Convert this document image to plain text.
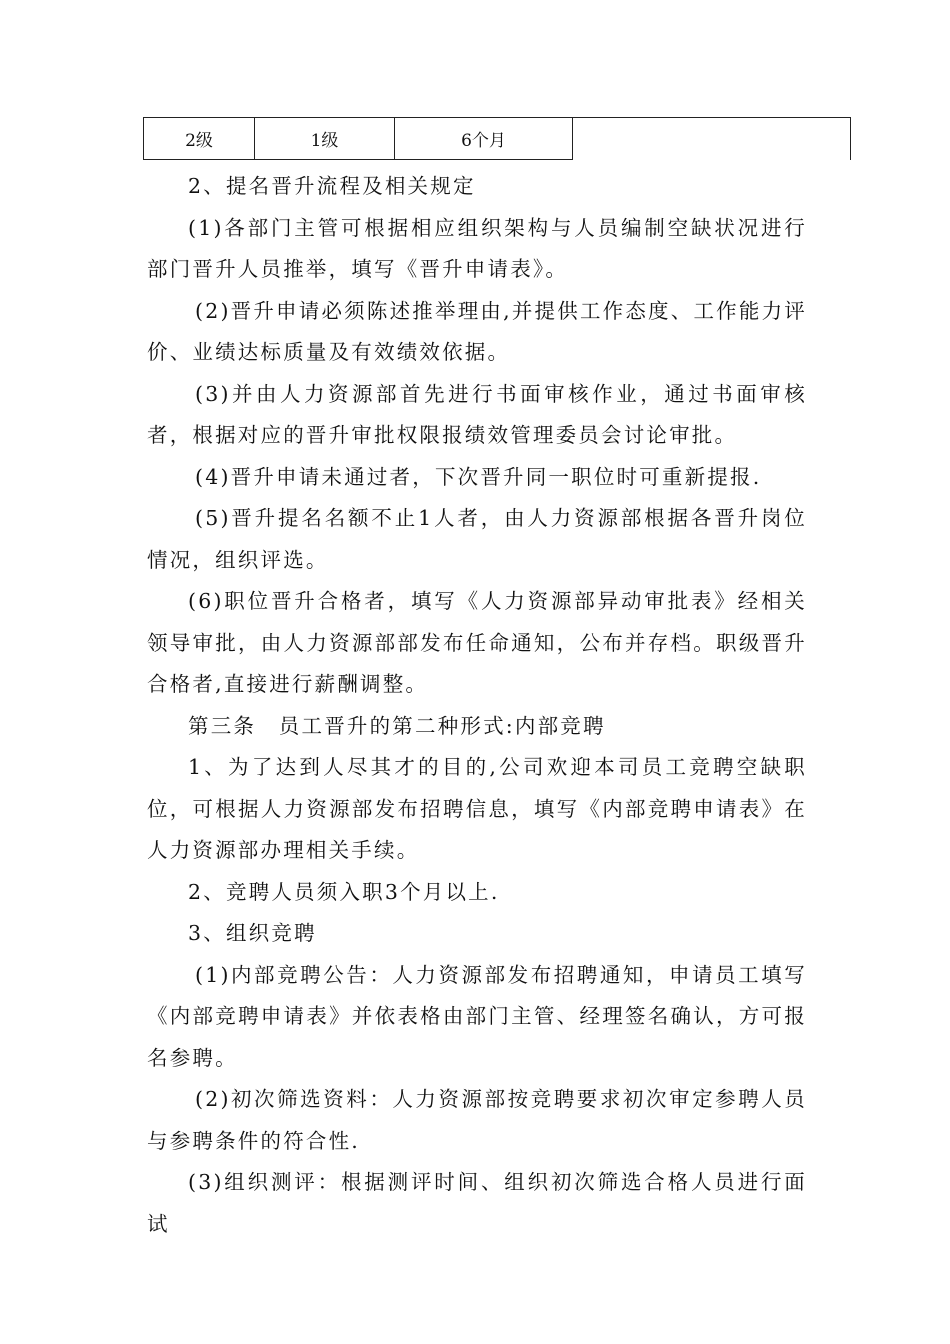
2级	1级	6个月	

2、提名晋升流程及相关规定

(1)各部门主管可根据相应组织架构与人员编制空缺状况进行部门晋升人员推举，填写《晋升申请表》。

(2)晋升申请必须陈述推举理由,并提供工作态度、工作能力评价、业绩达标质量及有效绩效依据。

(3)并由人力资源部首先进行书面审核作业，通过书面审核者，根据对应的晋升审批权限报绩效管理委员会讨论审批。

(4)晋升申请未通过者，下次晋升同一职位时可重新提报.

(5)晋升提名名额不止1人者，由人力资源部根据各晋升岗位情况，组织评选。

(6)职位晋升合格者，填写《人力资源部异动审批表》经相关领导审批，由人力资源部部发布任命通知，公布并存档。职级晋升合格者,直接进行薪酬调整。

第三条　员工晋升的第二种形式:内部竞聘

1、为了达到人尽其才的目的,公司欢迎本司员工竞聘空缺职位，可根据人力资源部发布招聘信息，填写《内部竞聘申请表》在人力资源部办理相关手续。

2、竞聘人员须入职3个月以上.

3、组织竞聘

(1)内部竞聘公告：人力资源部发布招聘通知，申请员工填写《内部竞聘申请表》并依表格由部门主管、经理签名确认，方可报名参聘。

(2)初次筛选资料：人力资源部按竞聘要求初次审定参聘人员与参聘条件的符合性.

(3)组织测评：根据测评时间、组织初次筛选合格人员进行面试
